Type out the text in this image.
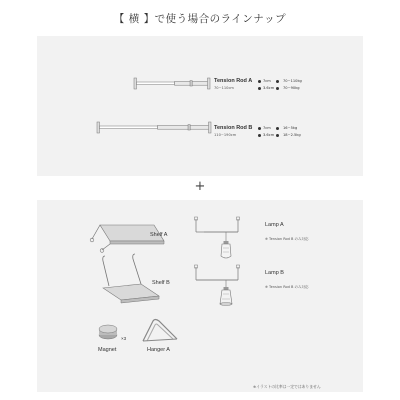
【 横 】で使う場合のラインナップ
Tension Rod A
70~110cm
7cm	70~110kg
3.6cm	70~90kg
Tension Rod B
110~190cm
7cm	16~5kg
3.6cm	18~2.5kg
+
Shelf A
Shelf B
×3
Magnet	Hanger A
Lamp A
※ Tension Rod B のみ対応
Lamp B
※ Tension Rod B のみ対応
※イラストの比率は一定ではありません
